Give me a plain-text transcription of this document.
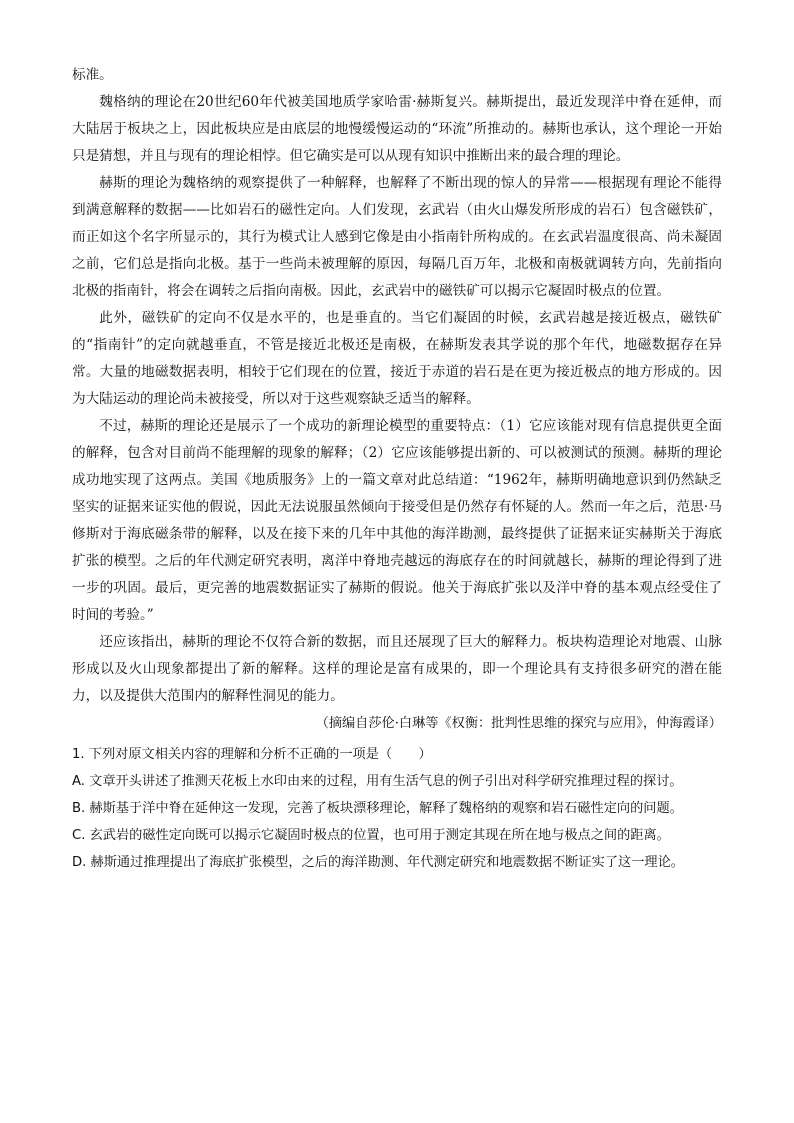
标准。

魏格纳的理论在20世纪60年代被美国地质学家哈雷·赫斯复兴。赫斯提出，最近发现洋中脊在延伸，而大陆居于板块之上，因此板块应是由底层的地慢缓慢运动的“环流”所推动的。赫斯也承认，这个理论一开始只是猜想，并且与现有的理论相悖。但它确实是可以从现有知识中推断出来的最合理的理论。

赫斯的理论为魏格纳的观察提供了一种解释，也解释了不断出现的惊人的异常——根据现有理论不能得到满意解释的数据——比如岩石的磁性定向。人们发现，玄武岩（由火山爆发所形成的岩石）包含磁铁矿，而正如这个名字所显示的，其行为模式让人感到它像是由小指南针所构成的。在玄武岩温度很高、尚未凝固之前，它们总是指向北极。基于一些尚未被理解的原因，每隔几百万年，北极和南极就调转方向，先前指向北极的指南针，将会在调转之后指向南极。因此，玄武岩中的磁铁矿可以揭示它凝固时极点的位置。

此外，磁铁矿的定向不仅是水平的，也是垂直的。当它们凝固的时候，玄武岩越是接近极点，磁铁矿的“指南针”的定向就越垂直，不管是接近北极还是南极，在赫斯发表其学说的那个年代，地磁数据存在异常。大量的地磁数据表明，相较于它们现在的位置，接近于赤道的岩石是在更为接近极点的地方形成的。因为大陆运动的理论尚未被接受，所以对于这些观察缺乏适当的解释。

不过，赫斯的理论还是展示了一个成功的新理论模型的重要特点：（1）它应该能对现有信息提供更全面的解释，包含对目前尚不能理解的现象的解释；（2）它应该能够提出新的、可以被测试的预测。赫斯的理论成功地实现了这两点。美国《地质服务》上的一篇文章对此总结道：“1962年，赫斯明确地意识到仍然缺乏坚实的证据来证实他的假说，因此无法说服虽然倾向于接受但是仍然存有怀疑的人。然而一年之后，范思·马修斯对于海底磁条带的解释，以及在接下来的几年中其他的海洋勘测，最终提供了证据来证实赫斯关于海底扩张的模型。之后的年代测定研究表明，离洋中脊地壳越远的海底存在的时间就越长，赫斯的理论得到了进一步的巩固。最后，更完善的地震数据证实了赫斯的假说。他关于海底扩张以及洋中脊的基本观点经受住了时间的考验。”

还应该指出，赫斯的理论不仅符合新的数据，而且还展现了巨大的解释力。板块构造理论对地震、山脉形成以及火山现象都提出了新的解释。这样的理论是富有成果的，即一个理论具有支持很多研究的潜在能力，以及提供大范围内的解释性洞见的能力。

（摘编自莎伦·白琳等《权衡：批判性思维的探究与应用》，仲海霞译）

1. 下列对原文相关内容的理解和分析不正确的一项是（　　）

A. 文章开头讲述了推测天花板上水印由来的过程，用有生活气息的例子引出对科学研究推理过程的探讨。

B. 赫斯基于洋中脊在延伸这一发现，完善了板块漂移理论，解释了魏格纳的观察和岩石磁性定向的问题。

C. 玄武岩的磁性定向既可以揭示它凝固时极点的位置，也可用于测定其现在所在地与极点之间的距离。

D. 赫斯通过推理提出了海底扩张模型，之后的海洋勘测、年代测定研究和地震数据不断证实了这一理论。
